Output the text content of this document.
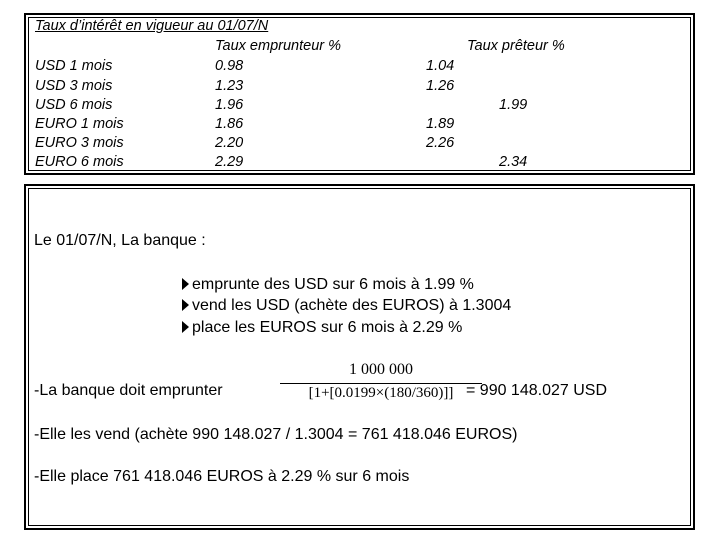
Taux d’intérêt en vigueur au 01/07/N
Taux emprunteur %	Taux prêteur %
USD 1 mois	0.98	1.04
USD 3 mois	1.23	1.26
USD 6 mois	1.96	1.99
EURO 1 mois	1.86	1.89
EURO 3 mois	2.20	2.26
EURO 6 mois	2.29	2.34
Le 01/07/N, La banque :
emprunte des USD sur 6 mois à 1.99 %
vend les USD (achète des EUROS) à 1.3004
place les EUROS sur 6 mois à 2.29 %
-La banque doit emprunter
1 000 000
[1+[0.0199×(180/360)]] = 990 148.027 USD
-Elle les vend (achète 990 148.027 / 1.3004 = 761 418.046 EUROS)
-Elle place 761 418.046 EUROS à 2.29 % sur 6 mois
